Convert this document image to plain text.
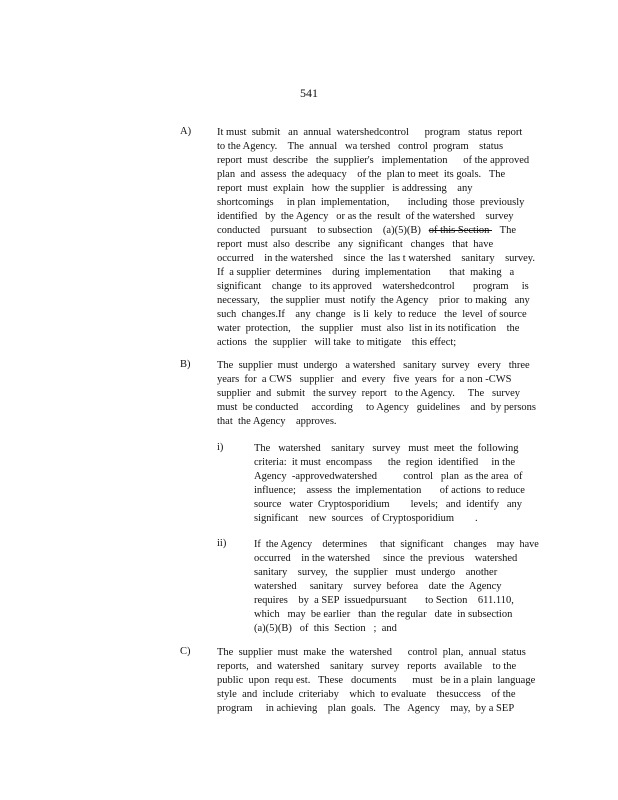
541
A) It must  submit   an  annual  watershedcontrol      program   status  report
to the Agency.    The  annual   wa tershed   control  program    status
report  must  describe   the  supplier's   implementation      of the approved
plan  and  assess  the adequacy    of the  plan to meet  its goals.   The
report  must  explain   how  the supplier   is addressing    any
shortcomings     in plan  implementation,       including  those  previously
identified   by  the Agency   or as the  result  of the watershed    survey
conducted    pursuant    to subsection    (a)(5)(B)   of this Section    The
report  must  also  describe   any  significant   changes   that  have
occurred    in the watershed    since  the  las t watershed    sanitary    survey.
If  a supplier  determines    during  implementation       that  making   a
significant    change   to its approved    watershedcontrol       program     is
necessary,    the supplier  must  notify  the Agency    prior  to making   any
such  changes.If    any  change   is li  kely  to reduce   the  level  of source
water  protection,    the  supplier   must  also  list in its notification    the
actions   the  supplier   will take  to mitigate    this effect;
B)	The  supplier  must  undergo   a watershed   sanitary  survey   every   three
years  for  a CWS   supplier   and  every   five  years  for  a non -CWS
supplier  and  submit   the survey  report   to the Agency.     The   survey
must  be conducted     according     to Agency   guidelines    and  by persons
that  the Agency    approves.
i)	The   watershed    sanitary   survey   must  meet  the  following
criteria:  it must  encompass      the  region  identified     in the
Agency  -approvedwatershed          control   plan  as the area  of
influence;    assess  the  implementation       of actions  to reduce
source   water  Cryptosporidium        levels;   and  identify   any
significant    new  sources   of Cryptosporidium        .
ii)	If  the Agency    determines     that  significant    changes    may  have
occurred    in the watershed     since  the  previous    watershed
sanitary    survey,   the  supplier   must  undergo    another
watershed     sanitary    survey  beforea    date  the  Agency
requires    by  a SEP  issuedpursuant       to Section    611.110,
which   may  be earlier   than  the regular   date  in subsection
(a)(5)(B)   of  this  Section   ;  and
C)	The  supplier  must  make  the  watershed      control  plan,  annual  status
reports,   and  watershed    sanitary   survey   reports   available    to the
public  upon  requ est.   These   documents      must   be in a plain  language
style  and  include  criteriaby    which  to evaluate    thesuccess    of the
program     in achieving    plan  goals.   The   Agency    may,  by a SEP
